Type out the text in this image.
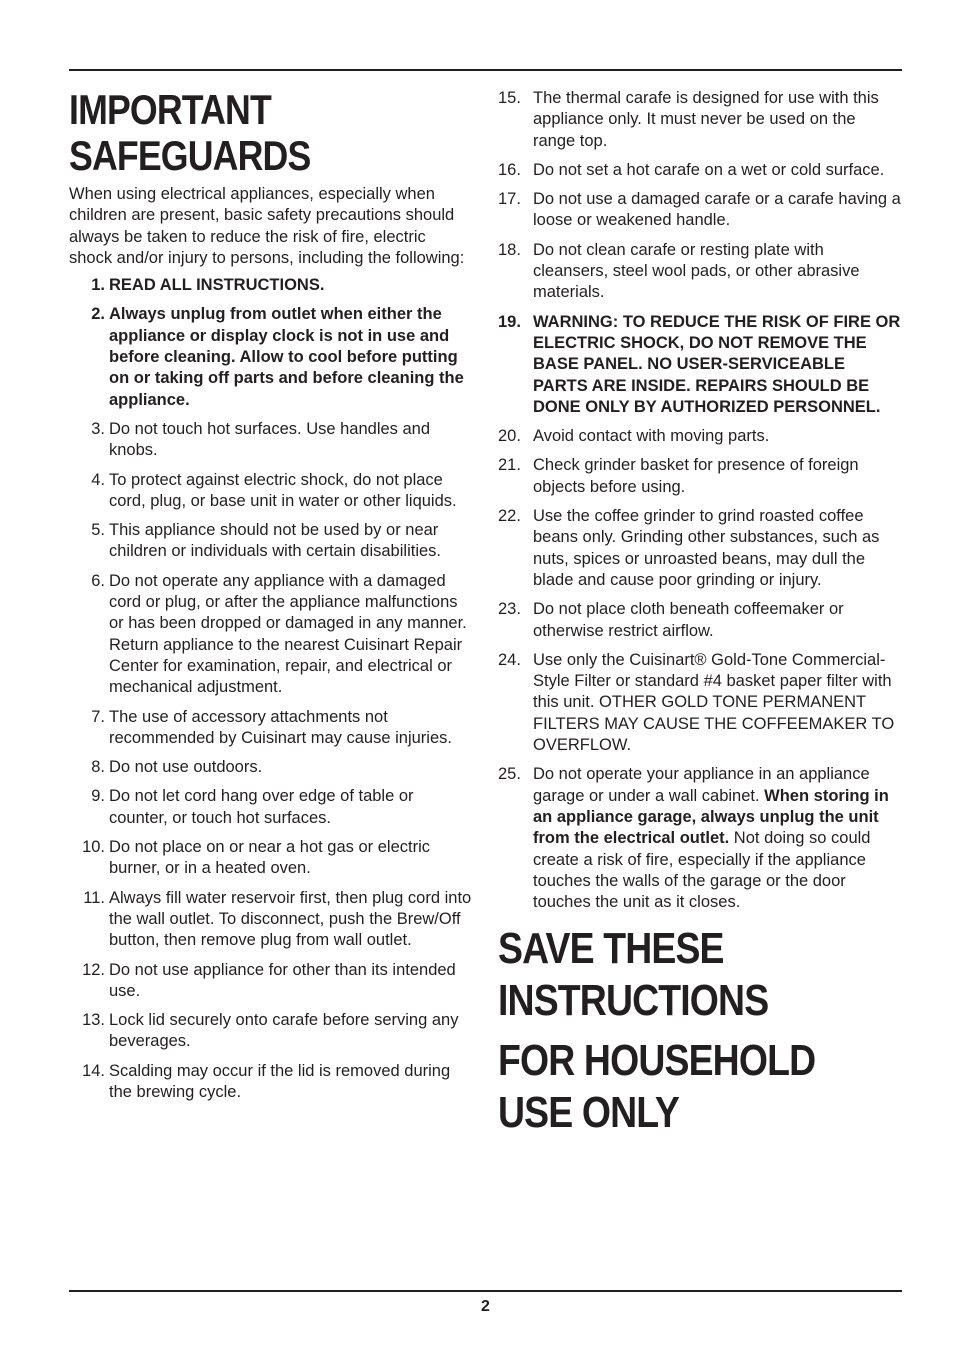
IMPORTANT
SAFEGUARDS

When using electrical appliances, especially when children are present, basic safety precautions should always be taken to reduce the risk of fire, electric shock and/or injury to persons, including the following:

1. READ ALL INSTRUCTIONS.
2. Always unplug from outlet when either the appliance or display clock is not in use and before cleaning. Allow to cool before putting on or taking off parts and before cleaning the appliance.
3. Do not touch hot surfaces. Use handles and knobs.
4. To protect against electric shock, do not place cord, plug, or base unit in water or other liquids.
5. This appliance should not be used by or near children or individuals with certain disabilities.
6. Do not operate any appliance with a damaged cord or plug, or after the appliance malfunctions or has been dropped or damaged in any manner. Return appliance to the nearest Cuisinart Repair Center for examination, repair, and electrical or mechanical adjustment.
7. The use of accessory attachments not recommended by Cuisinart may cause injuries.
8. Do not use outdoors.
9. Do not let cord hang over edge of table or counter, or touch hot surfaces.
10. Do not place on or near a hot gas or electric burner, or in a heated oven.
11. Always fill water reservoir first, then plug cord into the wall outlet. To disconnect, push the Brew/Off button, then remove plug from wall outlet.
12. Do not use appliance for other than its intended use.
13. Lock lid securely onto carafe before serving any beverages.
14. Scalding may occur if the lid is removed during the brewing cycle.
15. The thermal carafe is designed for use with this appliance only. It must never be used on the range top.
16. Do not set a hot carafe on a wet or cold surface.
17. Do not use a damaged carafe or a carafe having a loose or weakened handle.
18. Do not clean carafe or resting plate with cleansers, steel wool pads, or other abrasive materials.
19. WARNING: TO REDUCE THE RISK OF FIRE OR ELECTRIC SHOCK, DO NOT REMOVE THE BASE PANEL. NO USER-SERVICEABLE PARTS ARE INSIDE. REPAIRS SHOULD BE DONE ONLY BY AUTHORIZED PERSONNEL.
20. Avoid contact with moving parts.
21. Check grinder basket for presence of foreign objects before using.
22. Use the coffee grinder to grind roasted coffee beans only. Grinding other substances, such as nuts, spices or unroasted beans, may dull the blade and cause poor grinding or injury.
23. Do not place cloth beneath coffeemaker or otherwise restrict airflow.
24. Use only the Cuisinart® Gold-Tone Commercial-Style Filter or standard #4 basket paper filter with this unit. OTHER GOLD TONE PERMANENT FILTERS MAY CAUSE THE COFFEEMAKER TO OVERFLOW.
25. Do not operate your appliance in an appliance garage or under a wall cabinet. When storing in an appliance garage, always unplug the unit from the electrical outlet. Not doing so could create a risk of fire, especially if the appliance touches the walls of the garage or the door touches the unit as it closes.
SAVE THESE
INSTRUCTIONS
FOR HOUSEHOLD
USE ONLY
2
